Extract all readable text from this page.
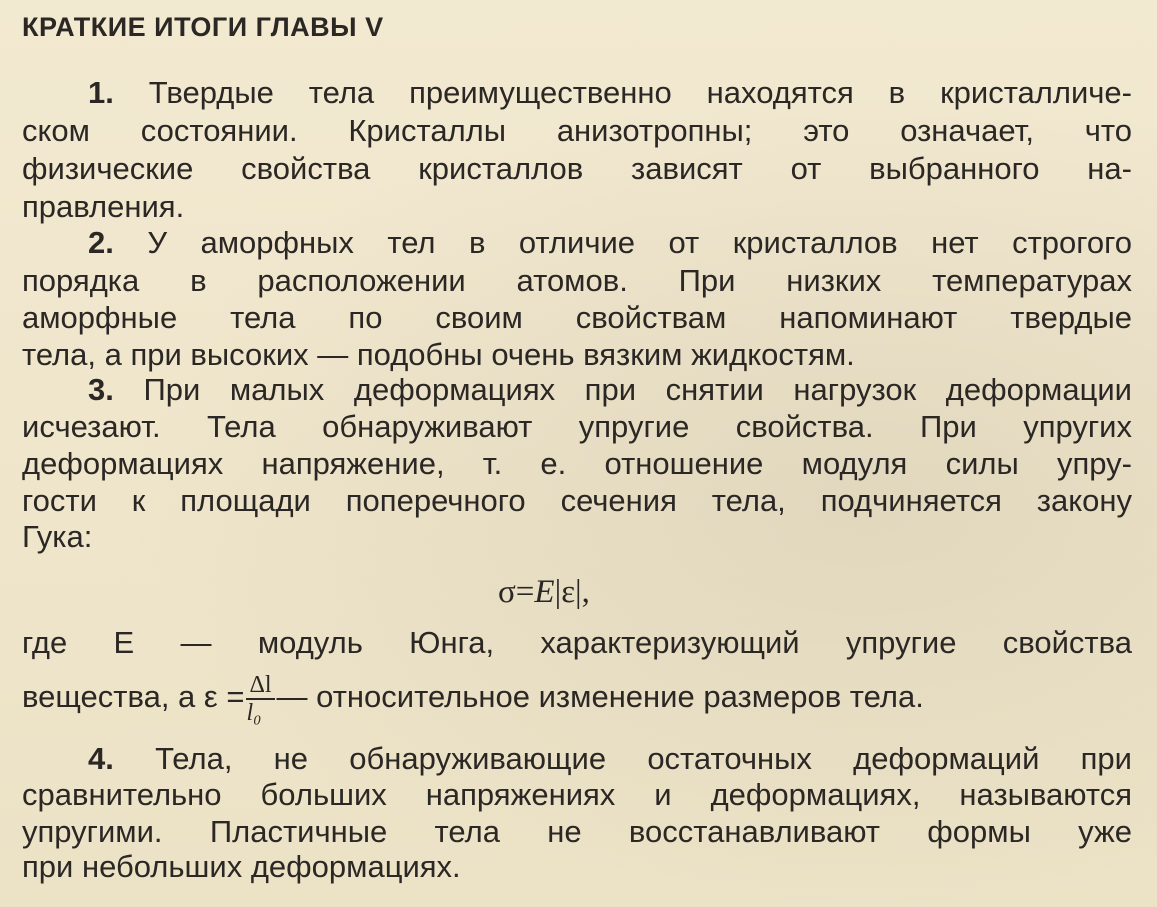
КРАТКИЕ ИТОГИ ГЛАВЫ V
1. Твердые тела преимущественно находятся в кристалличе-
ском состоянии. Кристаллы анизотропны; это означает, что
физические свойства кристаллов зависят от выбранного на-
правления.
2. У аморфных тел в отличие от кристаллов нет строгого
порядка в расположении атомов. При низких температурах
аморфные тела по своим свойствам напоминают твердые
тела, а при высоких — подобны очень вязким жидкостям.
3. При малых деформациях при снятии нагрузок деформации
исчезают. Тела обнаруживают упругие свойства. При упругих
деформациях напряжение, т. е. отношение модуля силы упру-
гости к площади поперечного сечения тела, подчиняется закону
Гука:
σ=E|ε|,
где E — модуль Юнга, характеризующий упругие свойства
вещества, а $\varepsilon = \frac{\Delta l}{\text{l₀}}$ — относительное изменение размеров тела.
4. Тела, не обнаруживающие остаточных деформаций при
сравнительно больших напряжениях и деформациях, называются
упругими. Пластичные тела не восстанавливают формы уже
при небольших деформациях.
